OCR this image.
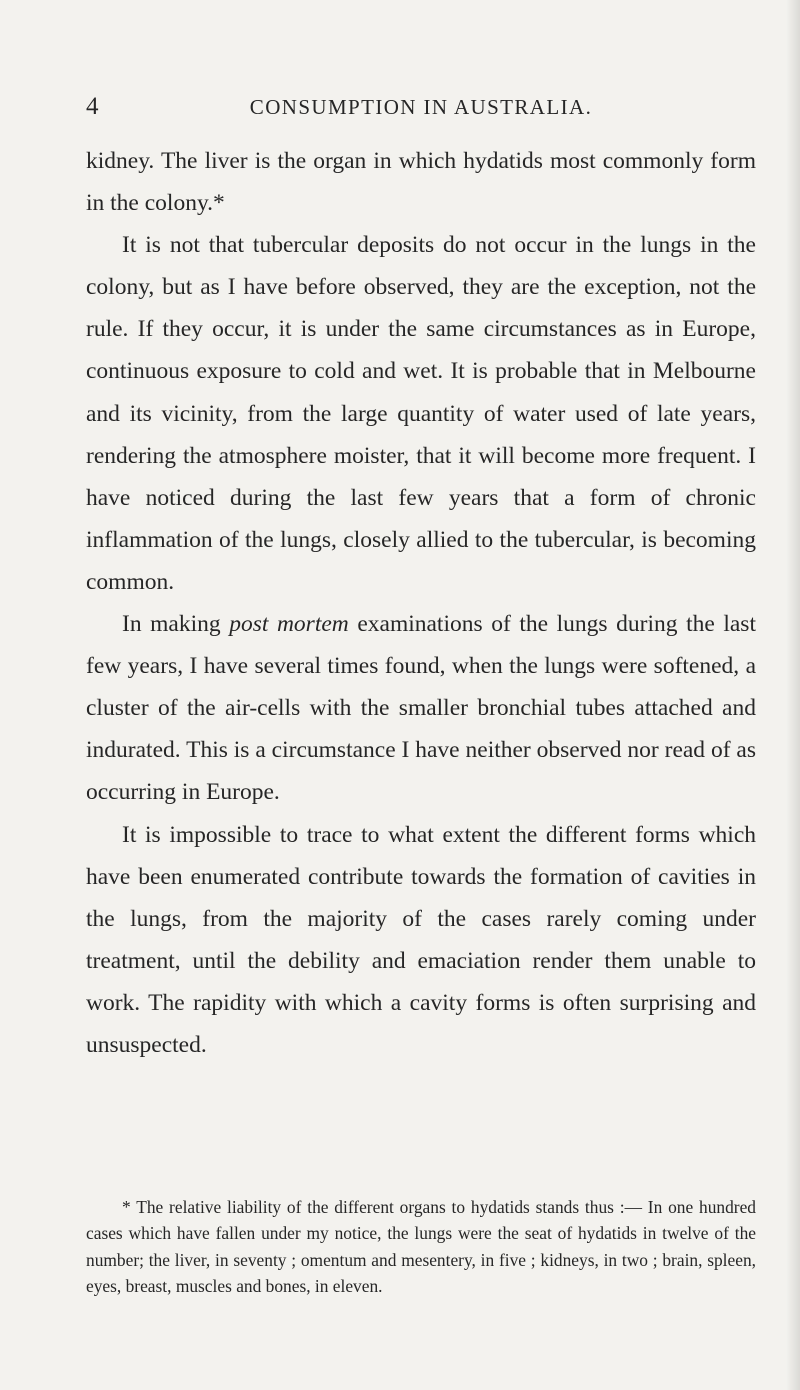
4	CONSUMPTION IN AUSTRALIA.

kidney. The liver is the organ in which hydatids most commonly form in the colony.*

It is not that tubercular deposits do not occur in the lungs in the colony, but as I have before observed, they are the exception, not the rule. If they occur, it is under the same circumstances as in Europe, continuous exposure to cold and wet. It is probable that in Melbourne and its vicinity, from the large quantity of water used of late years, rendering the atmosphere moister, that it will become more frequent. I have noticed during the last few years that a form of chronic inflammation of the lungs, closely allied to the tubercular, is becoming common.

In making post mortem examinations of the lungs during the last few years, I have several times found, when the lungs were softened, a cluster of the air-cells with the smaller bronchial tubes attached and indurated. This is a circumstance I have neither observed nor read of as occurring in Europe.

It is impossible to trace to what extent the different forms which have been enumerated contribute towards the formation of cavities in the lungs, from the majority of the cases rarely coming under treatment, until the debility and emaciation render them unable to work. The rapidity with which a cavity forms is often surprising and unsuspected.

* The relative liability of the different organs to hydatids stands thus :— In one hundred cases which have fallen under my notice, the lungs were the seat of hydatids in twelve of the number; the liver, in seventy ; omentum and mesentery, in five ; kidneys, in two ; brain, spleen, eyes, breast, muscles and bones, in eleven.
